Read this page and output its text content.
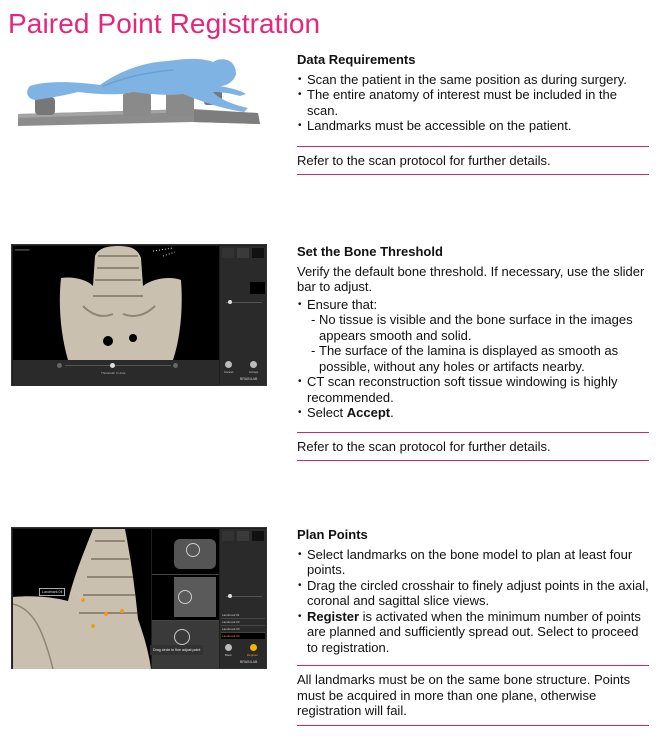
Paired Point Registration
Data Requirements
• Scan the patient in the same position as during surgery.
• The entire anatomy of interest must be included in the scan.
• Landmarks must be accessible on the patient.
Refer to the scan protocol for further details.
━━━━━━━━
Threshold: 0 Units	Cancel	Accept
BRAINLAB
Set the Bone Threshold
Verify the default bone threshold. If necessary, use the slider bar to adjust.
• Ensure that:
- No tissue is visible and the bone surface in the images appears smooth and solid.
- The surface of the lamina is displayed as smooth as possible, without any holes or artifacts nearby.
• CT scan reconstruction soft tissue windowing is highly recommended.
• Select Accept.
Refer to the scan protocol for further details.
Landmark 04
Drag circle to fine adjust point
Landmark 01
Landmark 02
Landmark 03
Landmark 04
Back	Register
BRAINLAB
Plan Points
• Select landmarks on the bone model to plan at least four points.
• Drag the circled crosshair to finely adjust points in the axial, coronal and sagittal slice views.
• Register is activated when the minimum number of points are planned and sufficiently spread out. Select to proceed to registration.
All landmarks must be on the same bone structure. Points must be acquired in more than one plane, otherwise registration will fail.
